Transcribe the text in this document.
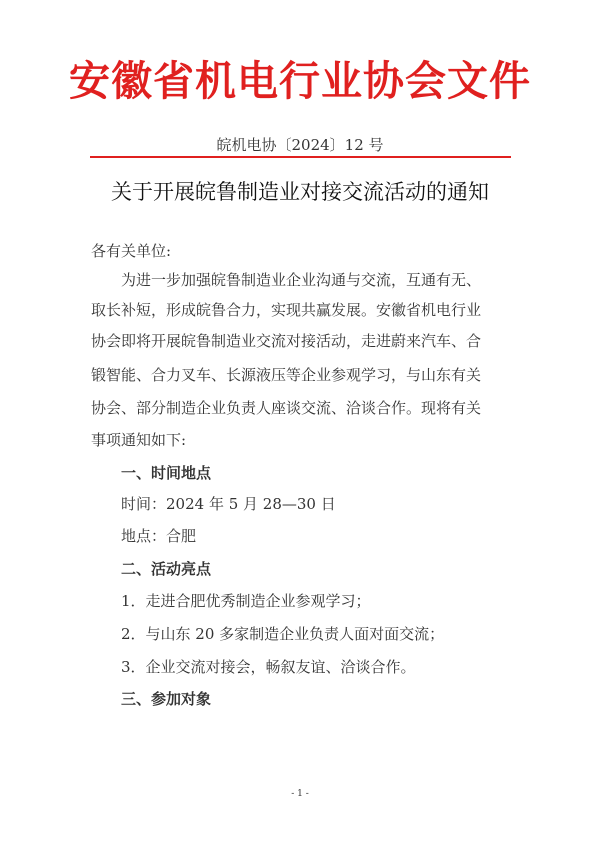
安徽省机电行业协会文件
皖机电协〔2024〕12 号
关于开展皖鲁制造业对接交流活动的通知
各有关单位:
为进一步加强皖鲁制造业企业沟通与交流，互通有无、
取长补短，形成皖鲁合力，实现共赢发展。安徽省机电行业
协会即将开展皖鲁制造业交流对接活动，走进蔚来汽车、合
锻智能、合力叉车、长源液压等企业参观学习，与山东有关
协会、部分制造企业负责人座谈交流、洽谈合作。现将有关
事项通知如下:
一、时间地点
时间：2024 年 5 月 28—30 日
地点：合肥
二、活动亮点
1．走进合肥优秀制造企业参观学习；
2．与山东 20 多家制造企业负责人面对面交流；
3．企业交流对接会，畅叙友谊、洽谈合作。
三、参加对象
- 1 -
